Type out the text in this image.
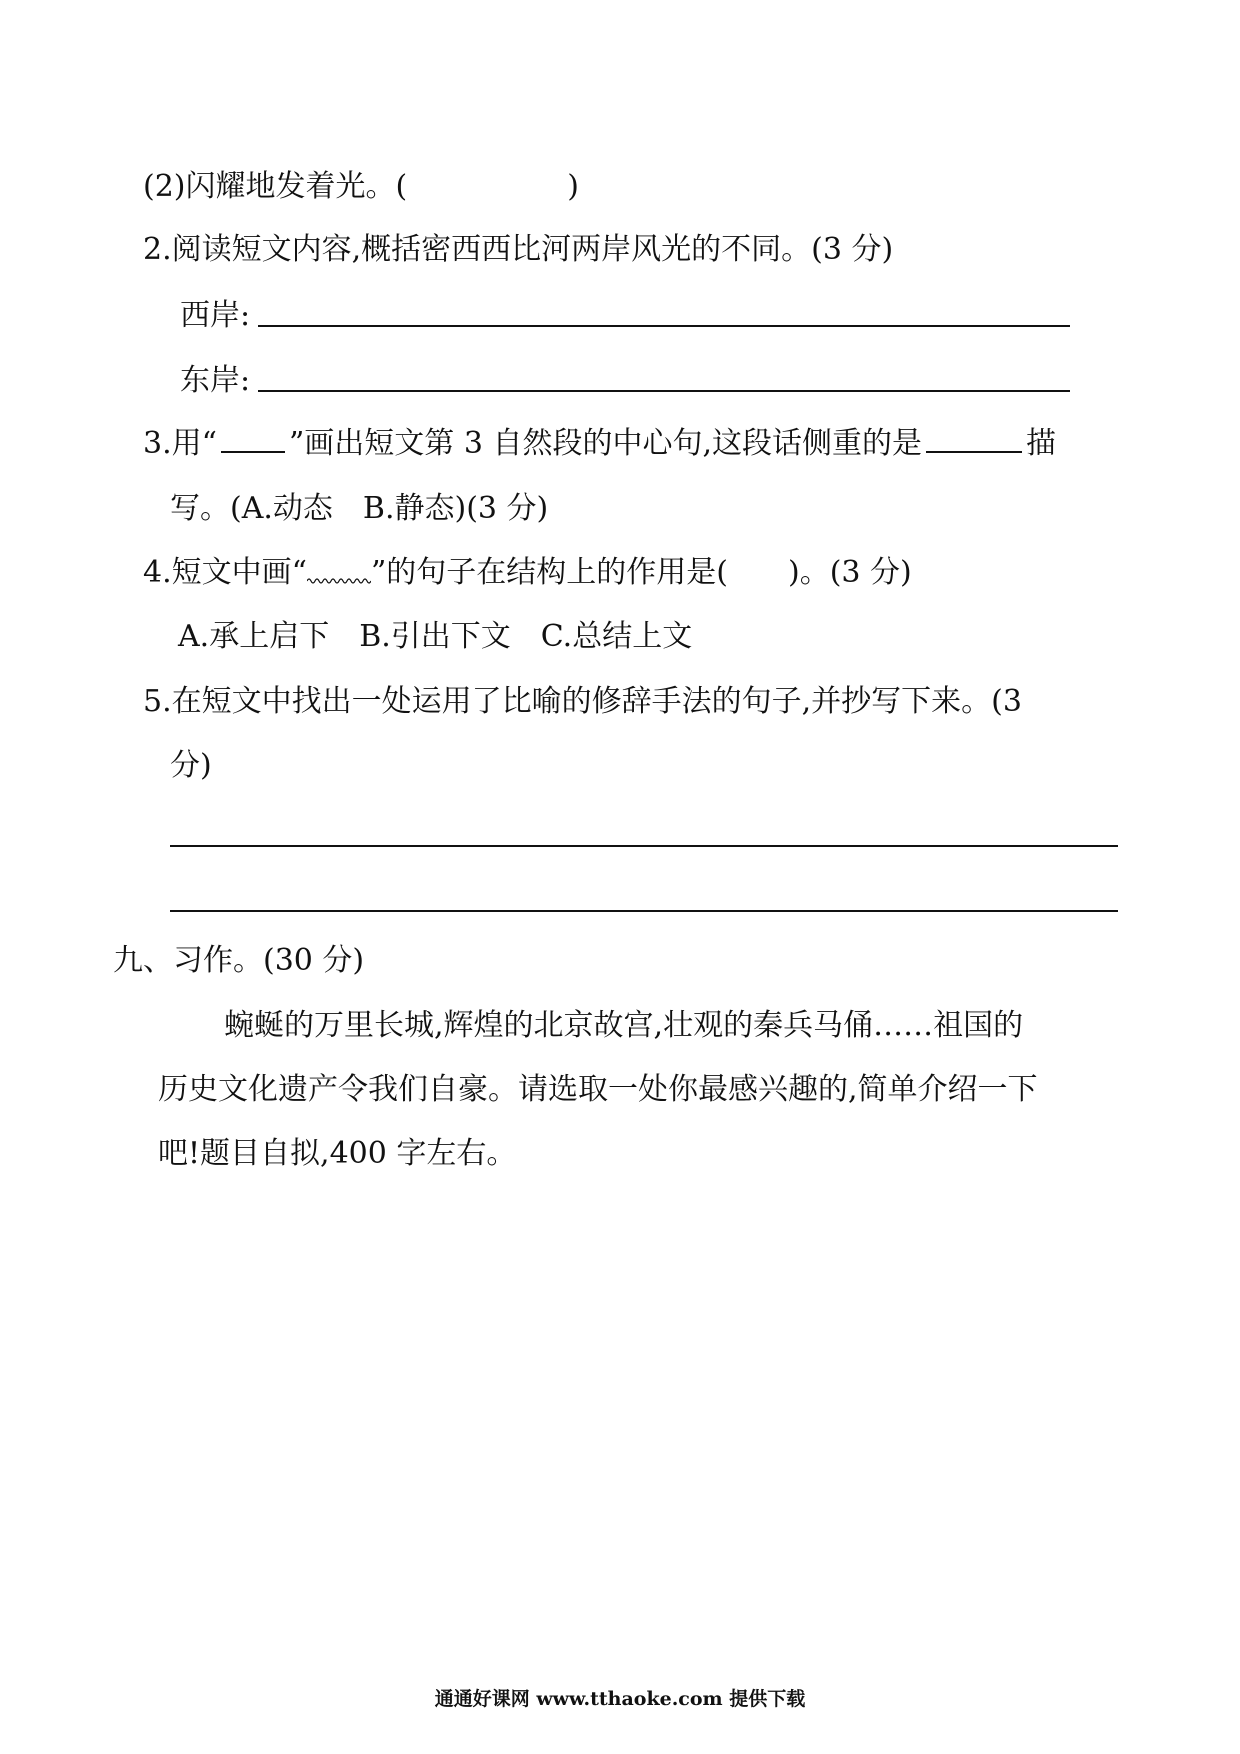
(2)闪耀地发着光。(	)
2.阅读短文内容,概括密西西比河两岸风光的不同。(3 分)
西岸:
东岸:
3.用“ ”画出短文第 3 自然段的中心句,这段话侧重的是	描
写。(A.动态　B.静态)(3 分)
4.短文中画“ ”的句子在结构上的作用是(　　)。(3 分)
A.承上启下　B.引出下文　C.总结上文
5.在短文中找出一处运用了比喻的修辞手法的句子,并抄写下来。(3
分)
九、习作。(30 分)
蜿蜒的万里长城,辉煌的北京故宫,壮观的秦兵马俑……祖国的
历史文化遗产令我们自豪。请选取一处你最感兴趣的,简单介绍一下
吧!题目自拟,400 字左右。
通通好课网 www.tthaoke.com 提供下载
